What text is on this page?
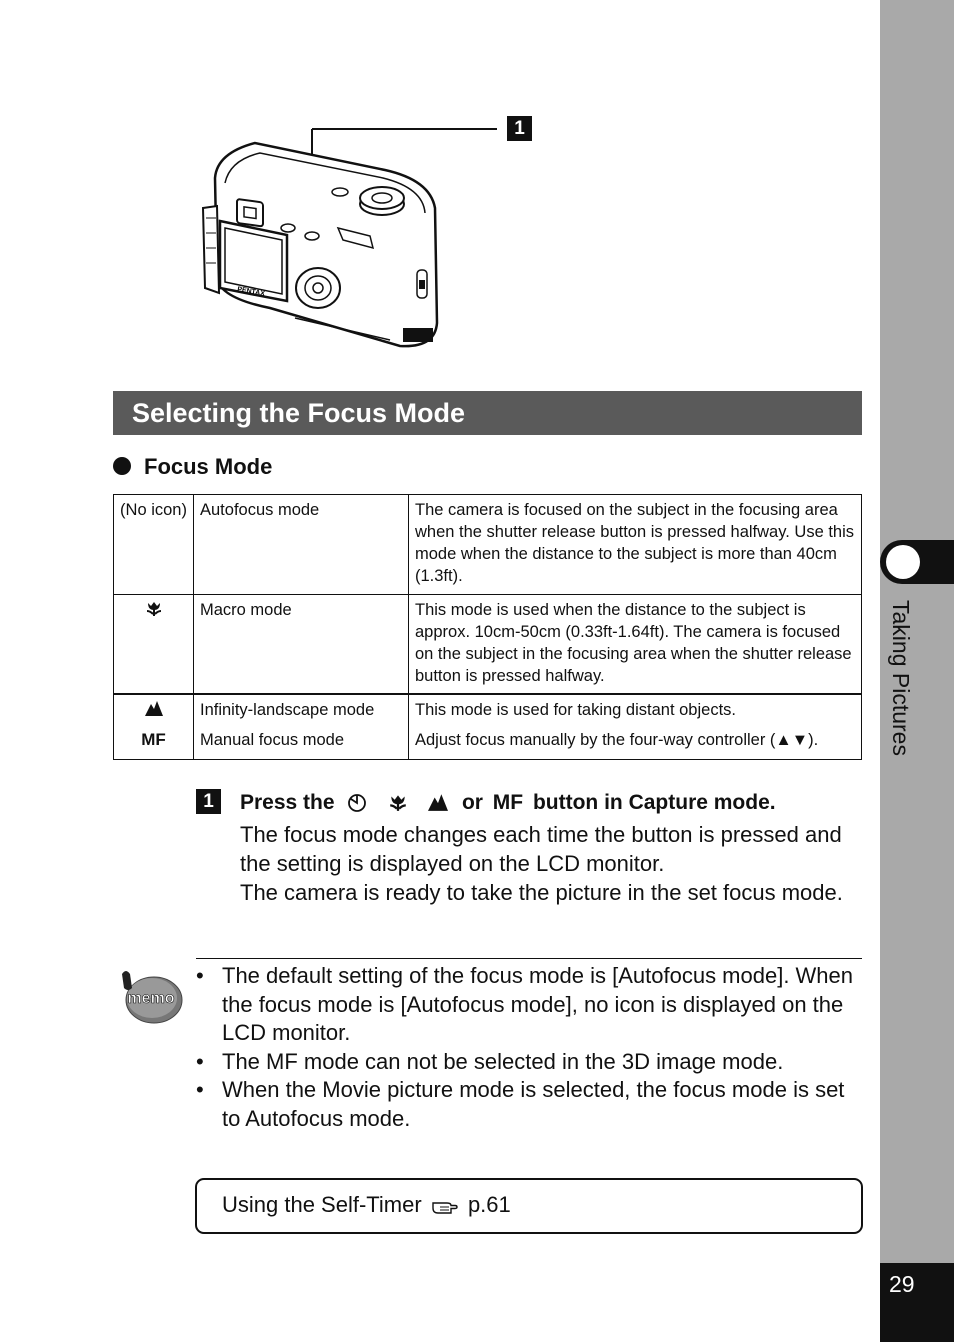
Taking Pictures
29
PENTAX
1
Selecting the Focus Mode
Focus Mode
(No icon)	Autofocus mode	The camera is focused on the subject in the focusing area when the shutter release button is pressed halfway. Use this mode when the distance to the subject is more than 40cm (1.3ft).
	Macro mode	This mode is used when the distance to the subject is approx. 10cm-50cm (0.33ft-1.64ft). The camera is focused on the subject in the focusing area when the shutter release button is pressed halfway.
	Infinity-landscape mode	This mode is used for taking distant objects.
MF	Manual focus mode	Adjust focus manually by the four-way controller (▲▼).
1	Press the	or MF button in Capture mode.

The focus mode changes each time the button is pressed and the setting is displayed on the LCD monitor.

The camera is ready to take the picture in the set focus mode.

memo
• The default setting of the focus mode is [Autofocus mode]. When the focus mode is [Autofocus mode], no icon is displayed on the LCD monitor.
• The MF mode can not be selected in the 3D image mode.
• When the Movie picture mode is selected, the focus mode is set to Autofocus mode.
Using the Self-Timer p.61
